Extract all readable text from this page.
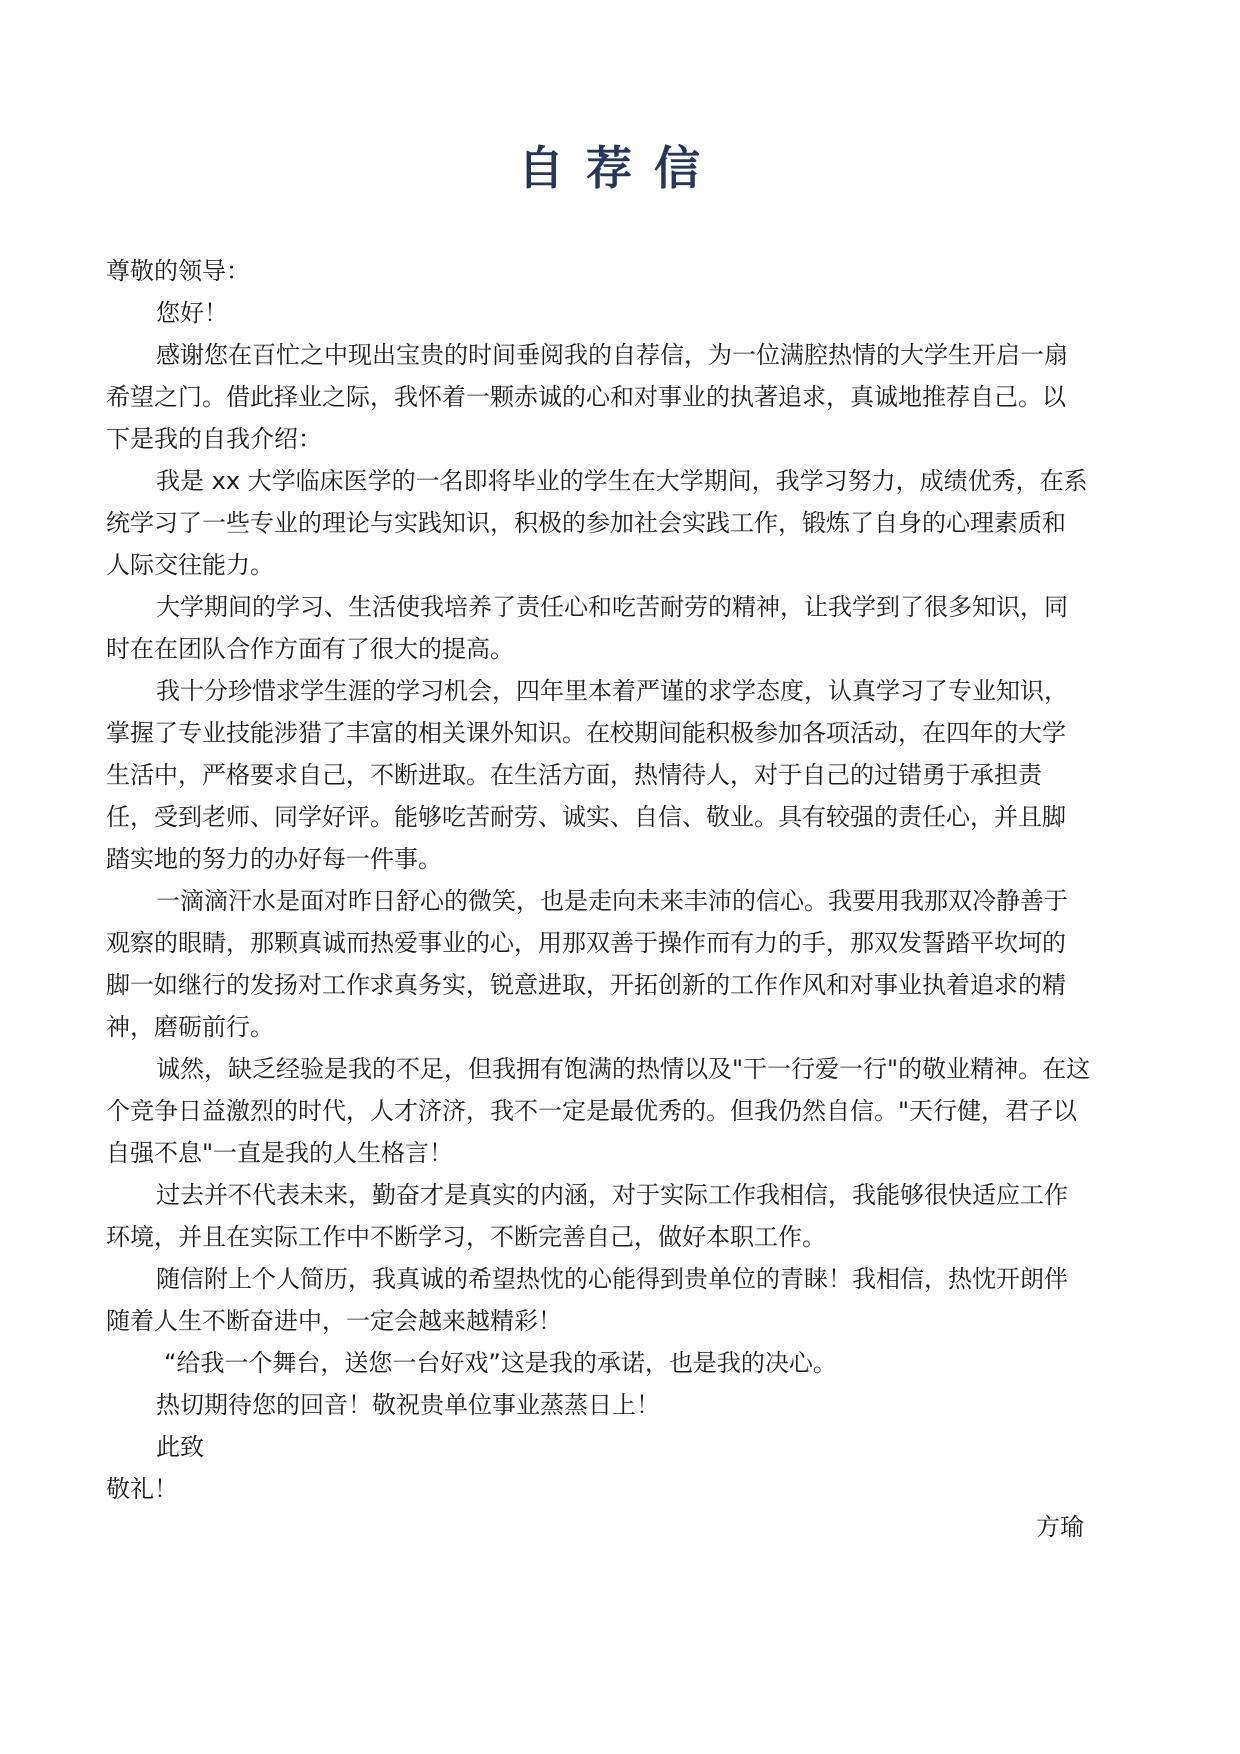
自荐信
尊敬的领导：
您好！
感谢您在百忙之中现出宝贵的时间垂阅我的自荐信，为一位满腔热情的大学生开启一扇
希望之门。借此择业之际，我怀着一颗赤诚的心和对事业的执著追求，真诚地推荐自己。以
下是我的自我介绍：
我是 xx 大学临床医学的一名即将毕业的学生在大学期间，我学习努力，成绩优秀，在系
统学习了一些专业的理论与实践知识，积极的参加社会实践工作，锻炼了自身的心理素质和
人际交往能力。
大学期间的学习、生活使我培养了责任心和吃苦耐劳的精神，让我学到了很多知识，同
时在在团队合作方面有了很大的提高。
我十分珍惜求学生涯的学习机会，四年里本着严谨的求学态度，认真学习了专业知识，
掌握了专业技能涉猎了丰富的相关课外知识。在校期间能积极参加各项活动，在四年的大学
生活中，严格要求自己，不断进取。在生活方面，热情待人，对于自己的过错勇于承担责
任，受到老师、同学好评。能够吃苦耐劳、诚实、自信、敬业。具有较强的责任心，并且脚
踏实地的努力的办好每一件事。
一滴滴汗水是面对昨日舒心的微笑，也是走向未来丰沛的信心。我要用我那双冷静善于
观察的眼睛，那颗真诚而热爱事业的心，用那双善于操作而有力的手，那双发誓踏平坎坷的
脚一如继行的发扬对工作求真务实，锐意进取，开拓创新的工作作风和对事业执着追求的精
神，磨砺前行。
诚然，缺乏经验是我的不足，但我拥有饱满的热情以及"干一行爱一行"的敬业精神。在这
个竞争日益激烈的时代，人才济济，我不一定是最优秀的。但我仍然自信。"天行健，君子以
自强不息"一直是我的人生格言！
过去并不代表未来，勤奋才是真实的内涵，对于实际工作我相信，我能够很快适应工作
环境，并且在实际工作中不断学习，不断完善自己，做好本职工作。
随信附上个人简历，我真诚的希望热忱的心能得到贵单位的青睐！我相信，热忱开朗伴
随着人生不断奋进中，一定会越来越精彩！
“给我一个舞台，送您一台好戏”这是我的承诺，也是我的决心。
热切期待您的回音！敬祝贵单位事业蒸蒸日上！
此致
敬礼！
方瑜
